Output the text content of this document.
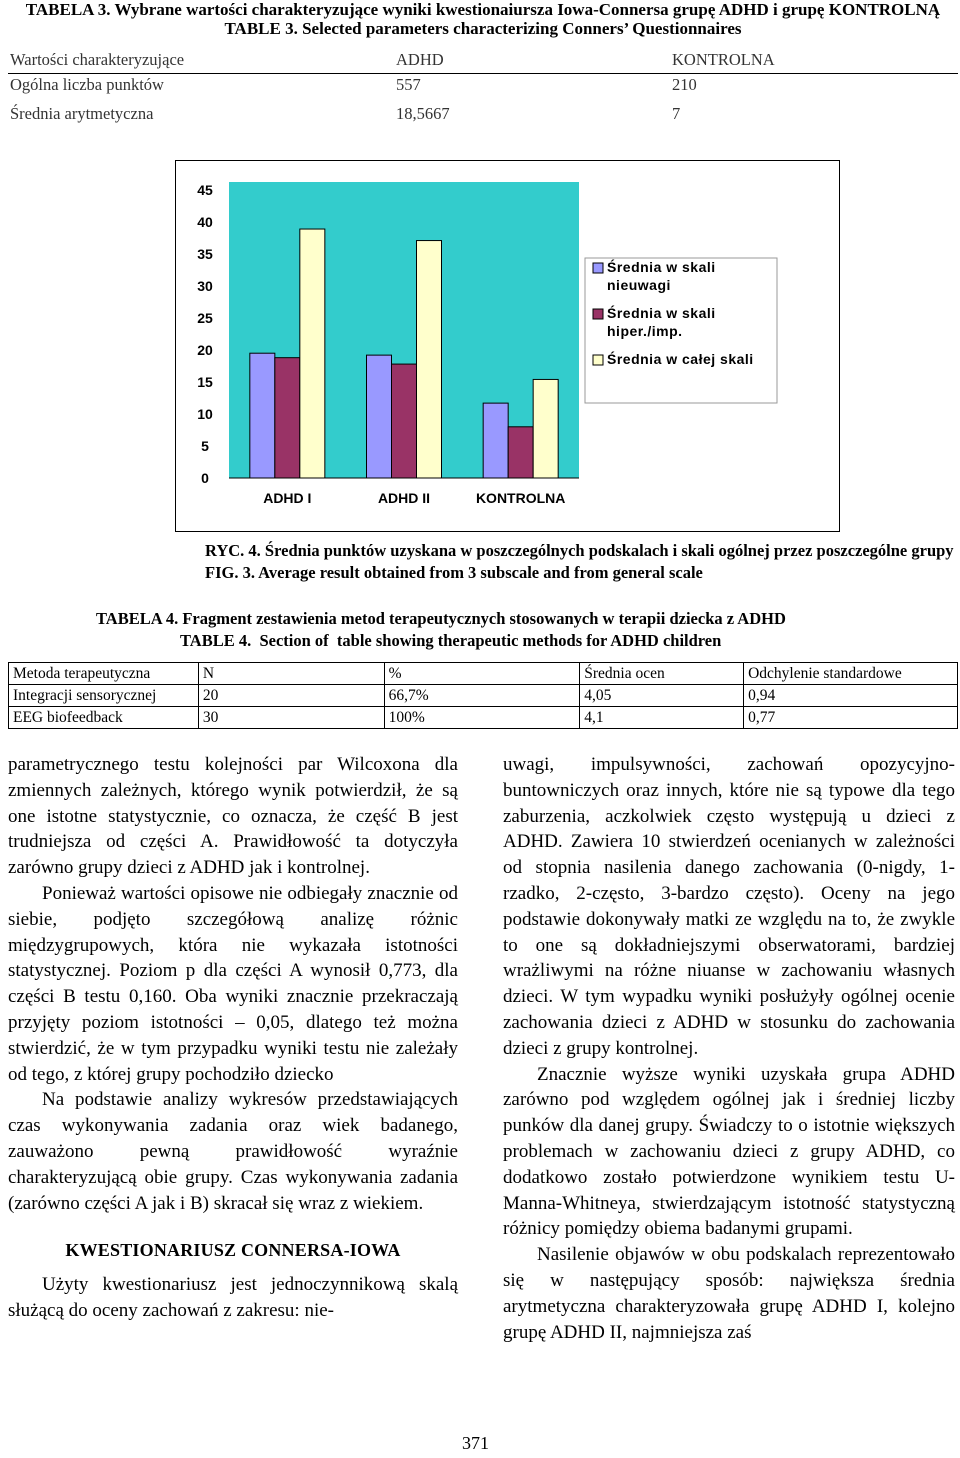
TABELA 3. Wybrane wartości charakteryzujące wyniki kwestionaiursza Iowa-Connersa grupę ADHD i grupę KONTROLNĄ
TABLE 3. Selected parameters characterizing Conners’ Questionnaires
Wartości charakteryzujące	ADHD	KONTROLNA
Ogólna liczba punktów	557	210
Średnia arytmetyczna	18,5667	7
0
5
10
15
20
25
30
35
40
45
ADHD I	ADHD II	KONTROLNA
Średnia w skali
nieuwagi
Średnia w skali
hiper./imp.
Średnia w całej skali
RYC. 4. Średnia punktów uzyskana w poszczególnych podskalach i skali ogólnej przez poszczególne grupy
FIG. 3. Average result obtained from 3 subscale and from general scale
TABELA 4. Fragment zestawienia metod terapeutycznych stosowanych w terapii dziecka z ADHD
TABLE 4.  Section of  table showing therapeutic methods for ADHD children
Metoda terapeutyczna	N	%	Średnia ocen	Odchylenie standardowe
Integracji sensorycznej	20	66,7%	4,05	0,94
EEG biofeedback	30	100%	4,1	0,77

parametrycznego testu kolejności par Wilcoxona dla zmiennych zależnych, którego wynik potwierdził, że są one istotne statystycznie, co oznacza, że część B jest trudniejsza od części A. Prawidłowość ta dotyczyła zarówno grupy dzieci z ADHD jak i kontrolnej.

Ponieważ wartości opisowe nie odbiegały znacznie od siebie, podjęto szczegółową analizę różnic międzygrupowych, która nie wykazała istotności statystycznej. Poziom p dla części A wynosił 0,773, dla części B testu 0,160. Oba wyniki znacznie przekraczają przyjęty poziom istotności – 0,05, dlatego też można stwierdzić, że w tym przypadku wyniki testu nie zależały od tego, z której grupy pochodziło dziecko

Na podstawie analizy wykresów przedstawiających czas wykonywania zadania oraz wiek badanego, zauważono pewną prawidłowość wyraźnie charakteryzującą obie grupy. Czas wykonywania zadania (zarówno części A jak i B) skracał się wraz z wiekiem.

KWESTIONARIUSZ CONNERSA-IOWA

Użyty kwestionariusz jest jednoczynnikową skalą służącą do oceny zachowań z zakresu: nie-

uwagi, impulsywności, zachowań opozycyjno-buntowniczych oraz innych, które nie są typowe dla tego zaburzenia, aczkolwiek często występują u dzieci z ADHD. Zawiera 10 stwierdzeń ocenianych w zależności od stopnia nasilenia danego zachowania (0-nigdy, 1-rzadko, 2-często, 3-bardzo często). Oceny na jego podstawie dokonywały matki ze względu na to, że zwykle to one są dokładniejszymi obserwatorami, bardziej wrażliwymi na różne niuanse w zachowaniu własnych dzieci. W tym wypadku wyniki posłużyły ogólnej ocenie zachowania dzieci z ADHD w stosunku do zachowania dzieci z grupy kontrolnej.

Znacznie wyższe wyniki uzyskała grupa ADHD zarówno pod względem ogólnej jak i średniej liczby punków dla danej grupy. Świadczy to o istotnie większych problemach w zachowaniu dzieci z grupy ADHD, co dodatkowo zostało potwierdzone wynikiem testu U-Manna-Whitneya, stwierdzającym istotność statystyczną różnicy pomiędzy obiema badanymi grupami.

Nasilenie objawów w obu podskalach reprezentowało się w następujący sposób: największa średnia arytmetyczna charakteryzowała grupę ADHD I, kolejno grupę ADHD II, najmniejsza zaś

371
